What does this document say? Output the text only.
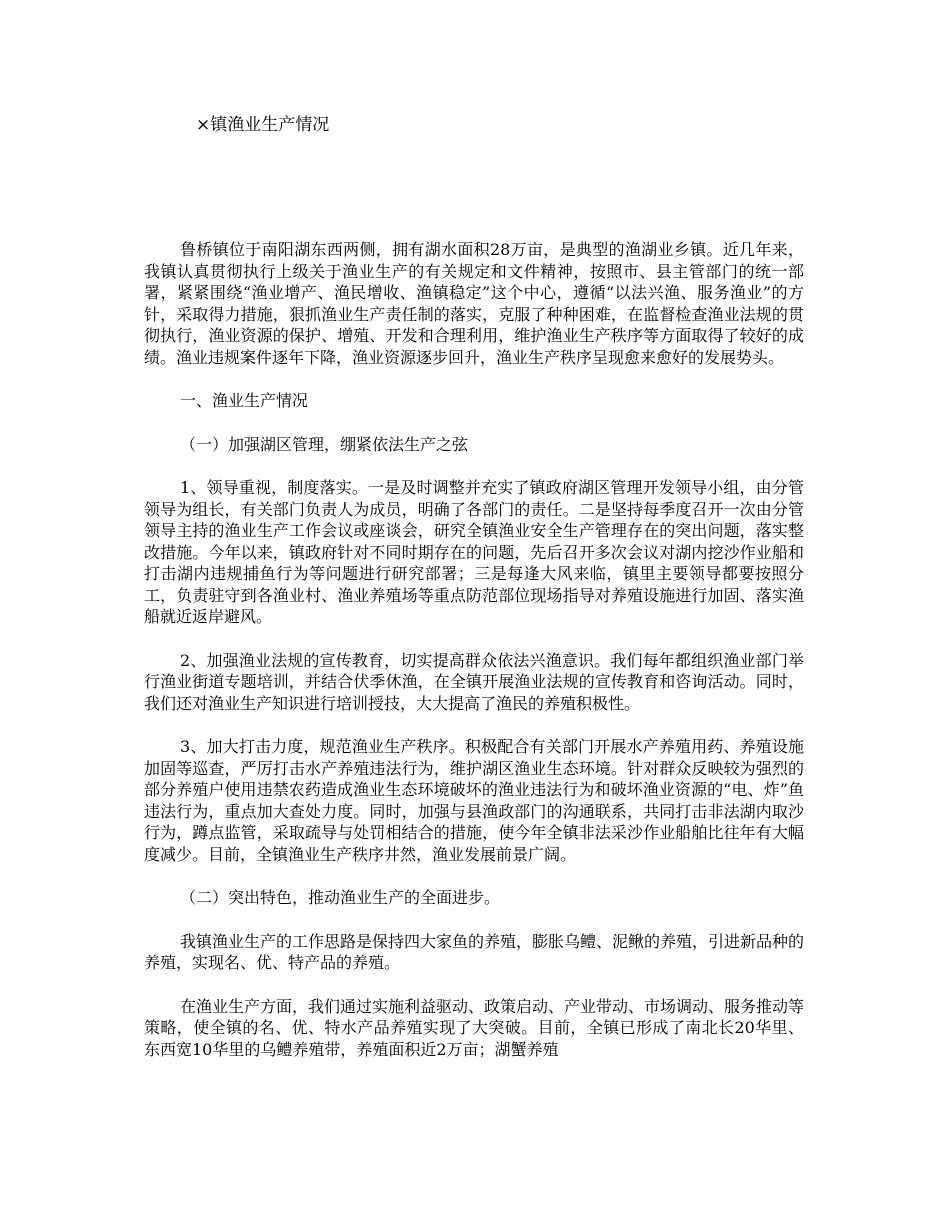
×镇渔业生产情况

鲁桥镇位于南阳湖东西两侧，拥有湖水面积28万亩，是典型的渔湖业乡镇。近几年来，我镇认真贯彻执行上级关于渔业生产的有关规定和文件精神，按照市、县主管部门的统一部署，紧紧围绕“渔业增产、渔民增收、渔镇稳定”这个中心，遵循“以法兴渔、服务渔业”的方针，采取得力措施，狠抓渔业生产责任制的落实，克服了种种困难，在监督检查渔业法规的贯彻执行，渔业资源的保护、增殖、开发和合理利用，维护渔业生产秩序等方面取得了较好的成绩。渔业违规案件逐年下降，渔业资源逐步回升，渔业生产秩序呈现愈来愈好的发展势头。

一、渔业生产情况

（一）加强湖区管理，绷紧依法生产之弦

1、领导重视，制度落实。一是及时调整并充实了镇政府湖区管理开发领导小组，由分管领导为组长，有关部门负责人为成员，明确了各部门的责任。二是坚持每季度召开一次由分管领导主持的渔业生产工作会议或座谈会，研究全镇渔业安全生产管理存在的突出问题，落实整改措施。今年以来，镇政府针对不同时期存在的问题，先后召开多次会议对湖内挖沙作业船和打击湖内违规捕鱼行为等问题进行研究部署；三是每逢大风来临，镇里主要领导都要按照分工，负责驻守到各渔业村、渔业养殖场等重点防范部位现场指导对养殖设施进行加固、落实渔船就近返岸避风。

2、加强渔业法规的宣传教育，切实提高群众依法兴渔意识。我们每年都组织渔业部门举行渔业街道专题培训，并结合伏季休渔，在全镇开展渔业法规的宣传教育和咨询活动。同时，我们还对渔业生产知识进行培训授技，大大提高了渔民的养殖积极性。

3、加大打击力度，规范渔业生产秩序。积极配合有关部门开展水产养殖用药、养殖设施加固等巡查，严厉打击水产养殖违法行为，维护湖区渔业生态环境。针对群众反映较为强烈的部分养殖户使用违禁农药造成渔业生态环境破坏的渔业违法行为和破坏渔业资源的“电、炸”鱼违法行为，重点加大查处力度。同时，加强与县渔政部门的沟通联系，共同打击非法湖内取沙行为，蹲点监管，采取疏导与处罚相结合的措施，使今年全镇非法采沙作业船舶比往年有大幅度减少。目前，全镇渔业生产秩序井然，渔业发展前景广阔。

（二）突出特色，推动渔业生产的全面进步。

我镇渔业生产的工作思路是保持四大家鱼的养殖，膨胀乌鳢、泥鳅的养殖，引进新品种的养殖，实现名、优、特产品的养殖。

在渔业生产方面，我们通过实施利益驱动、政策启动、产业带动、市场调动、服务推动等策略，使全镇的名、优、特水产品养殖实现了大突破。目前，全镇已形成了南北长20华里、东西宽10华里的乌鳢养殖带，养殖面积近2万亩；湖蟹养殖
